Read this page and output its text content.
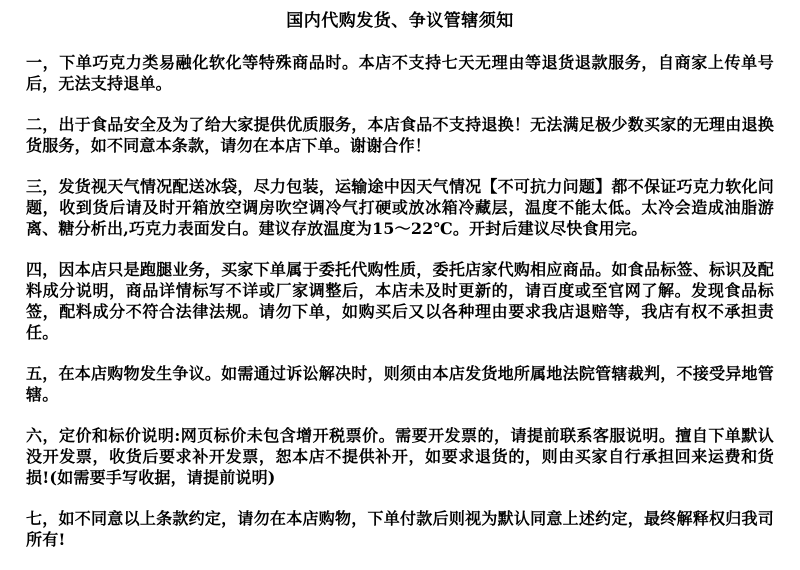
国内代购发货、争议管辖须知
一，下单巧克力类易融化软化等特殊商品时。本店不支持七天无理由等退货退款服务，自商家上传单号后，无法支持退单。
二，出于食品安全及为了给大家提供优质服务，本店食品不支持退换！无法满足极少数买家的无理由退换货服务，如不同意本条款，请勿在本店下单。谢谢合作！
三，发货视天气情况配送冰袋，尽力包装，运输途中因天气情况【不可抗力问题】都不保证巧克力软化问题，收到货后请及时开箱放空调房吹空调冷气打硬或放冰箱冷藏层，温度不能太低。太冷会造成油脂游离、糖分析出,巧克力表面发白。建议存放温度为15～22℃。开封后建议尽快食用完。
四，因本店只是跑腿业务，买家下单属于委托代购性质，委托店家代购相应商品。如食品标签、标识及配料成分说明，商品详情标写不详或厂家调整后，本店未及时更新的，请百度或至官网了解。发现食品标签，配料成分不符合法律法规。请勿下单，如购买后又以各种理由要求我店退赔等，我店有权不承担责任。
五，在本店购物发生争议。如需通过诉讼解决时，则须由本店发货地所属地法院管辖裁判，不接受异地管辖。
六，定价和标价说明:网页标价未包含增开税票价。需要开发票的，请提前联系客服说明。擅自下单默认没开发票，收货后要求补开发票，恕本店不提供补开，如要求退货的，则由买家自行承担回来运费和货损!(如需要手写收据，请提前说明)
七，如不同意以上条款约定，请勿在本店购物，下单付款后则视为默认同意上述约定，最终解释权归我司所有!
